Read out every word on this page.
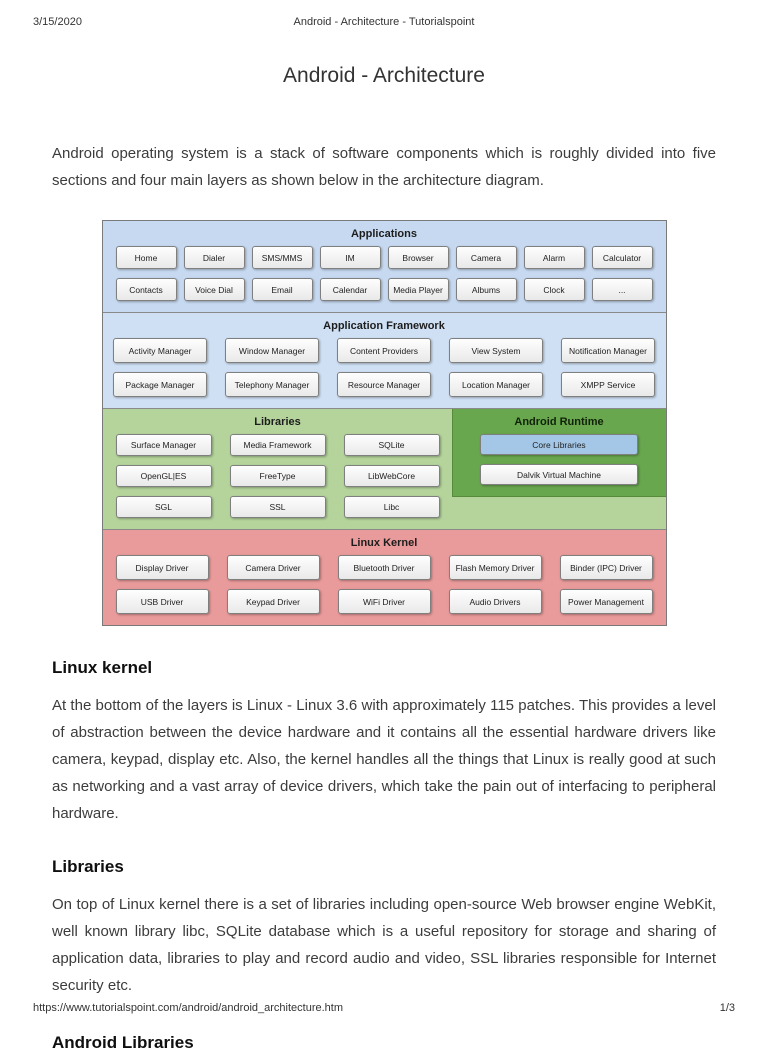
3/15/2020	Android - Architecture - Tutorialspoint
Android - Architecture

Android operating system is a stack of software components which is roughly divided into five sections and four main layers as shown below in the architecture diagram.

Applications
Home	Dialer	SMS/MMS	IM	Browser	Camera	Alarm	Calculator
Contacts	Voice Dial	Email	Calendar	Media Player	Albums	Clock	...
Application Framework
Activity Manager	Window Manager	Content Providers	View System	Notification Manager
Package Manager	Telephony Manager	Resource Manager	Location Manager	XMPP Service
Libraries
Surface Manager	Media Framework	SQLite
OpenGL|ES	FreeType	LibWebCore
SGL	SSL	Libc
Android Runtime
Core Libraries
Dalvik Virtual Machine
Linux Kernel
Display Driver	Camera Driver	Bluetooth Driver	Flash Memory Driver	Binder (IPC) Driver
USB Driver	Keypad Driver	WiFi Driver	Audio Drivers	Power Management
Linux kernel

At the bottom of the layers is Linux - Linux 3.6 with approximately 115 patches. This provides a level of abstraction between the device hardware and it contains all the essential hardware drivers like camera, keypad, display etc. Also, the kernel handles all the things that Linux is really good at such as networking and a vast array of device drivers, which take the pain out of interfacing to peripheral hardware.

Libraries

On top of Linux kernel there is a set of libraries including open-source Web browser engine WebKit, well known library libc, SQLite database which is a useful repository for storage and sharing of application data, libraries to play and record audio and video, SSL libraries responsible for Internet security etc.

Android Libraries
https://www.tutorialspoint.com/android/android_architecture.htm	1/3
